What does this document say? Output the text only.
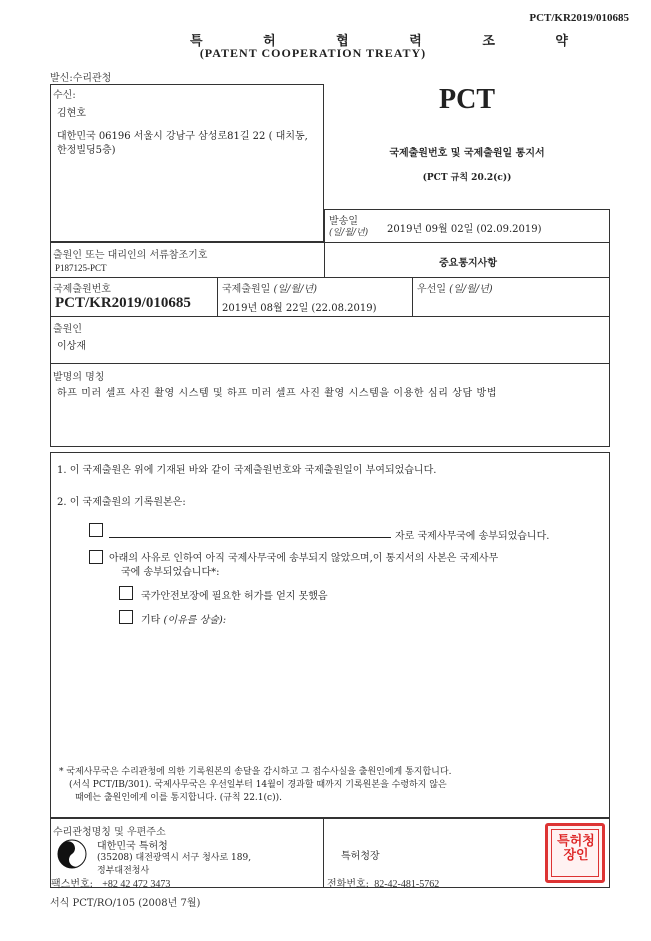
PCT/KR2019/010685
특 허 협 력 조 약
(PATENT COOPERATION TREATY)
발신:수리관청
수신:
김현호
대한민국 06196 서울시 강남구 삼성로81길 22 ( 대치동, 한정빌딩5층)
PCT
국제출원번호 및 국제출원일 통지서
(PCT 규칙 20.2(c))
발송일
(일/월/년) 2019년 09월 02일 (02.09.2019)
출원인 또는 대리인의 서류참조기호
P187125-PCT	중요통지사항
국제출원번호
PCT/KR2019/010685
국제출원일 (일/월/년)
2019년 08월 22일 (22.08.2019)
우선일 (일/월/년)
출원인
이상재
발명의 명칭
하프 미러 셀프 사진 촬영 시스템 및 하프 미러 셀프 사진 촬영 시스템을 이용한 심리 상담 방법
1. 이 국제출원은 위에 기재된 바와 같이 국제출원번호와 국제출원일이 부여되었습니다.
2. 이 국제출원의 기록원본은:
자로 국제사무국에 송부되었습니다.
아래의 사유로 인하여 아직 국제사무국에 송부되지 않았으며,이 통지서의 사본은 국제사무
국에 송부되었습니다*:
국가안전보장에 필요한 허가를 얻지 못했음
기타 (이유를 상술):
* 국제사무국은 수리관청에 의한 기록원본의 송달을 감시하고 그 접수사실을 출원인에게 통지합니다.
(서식 PCT/IB/301). 국제사무국은 우선일부터 14월이 경과할 때까지 기록원본을 수령하지 않은
때에는 출원인에게 이를 통지합니다. (규칙 22.1(c)).
수리관청명칭 및 우편주소
대한민국 특허청
(35208) 대전광역시 서구 청사로 189,
정부대전청사
팩스번호: +82 42 472 3473
특허청장
전화번호: 82-42-481-5762
특허청장인
서식 PCT/RO/105 (2008년 7월)
